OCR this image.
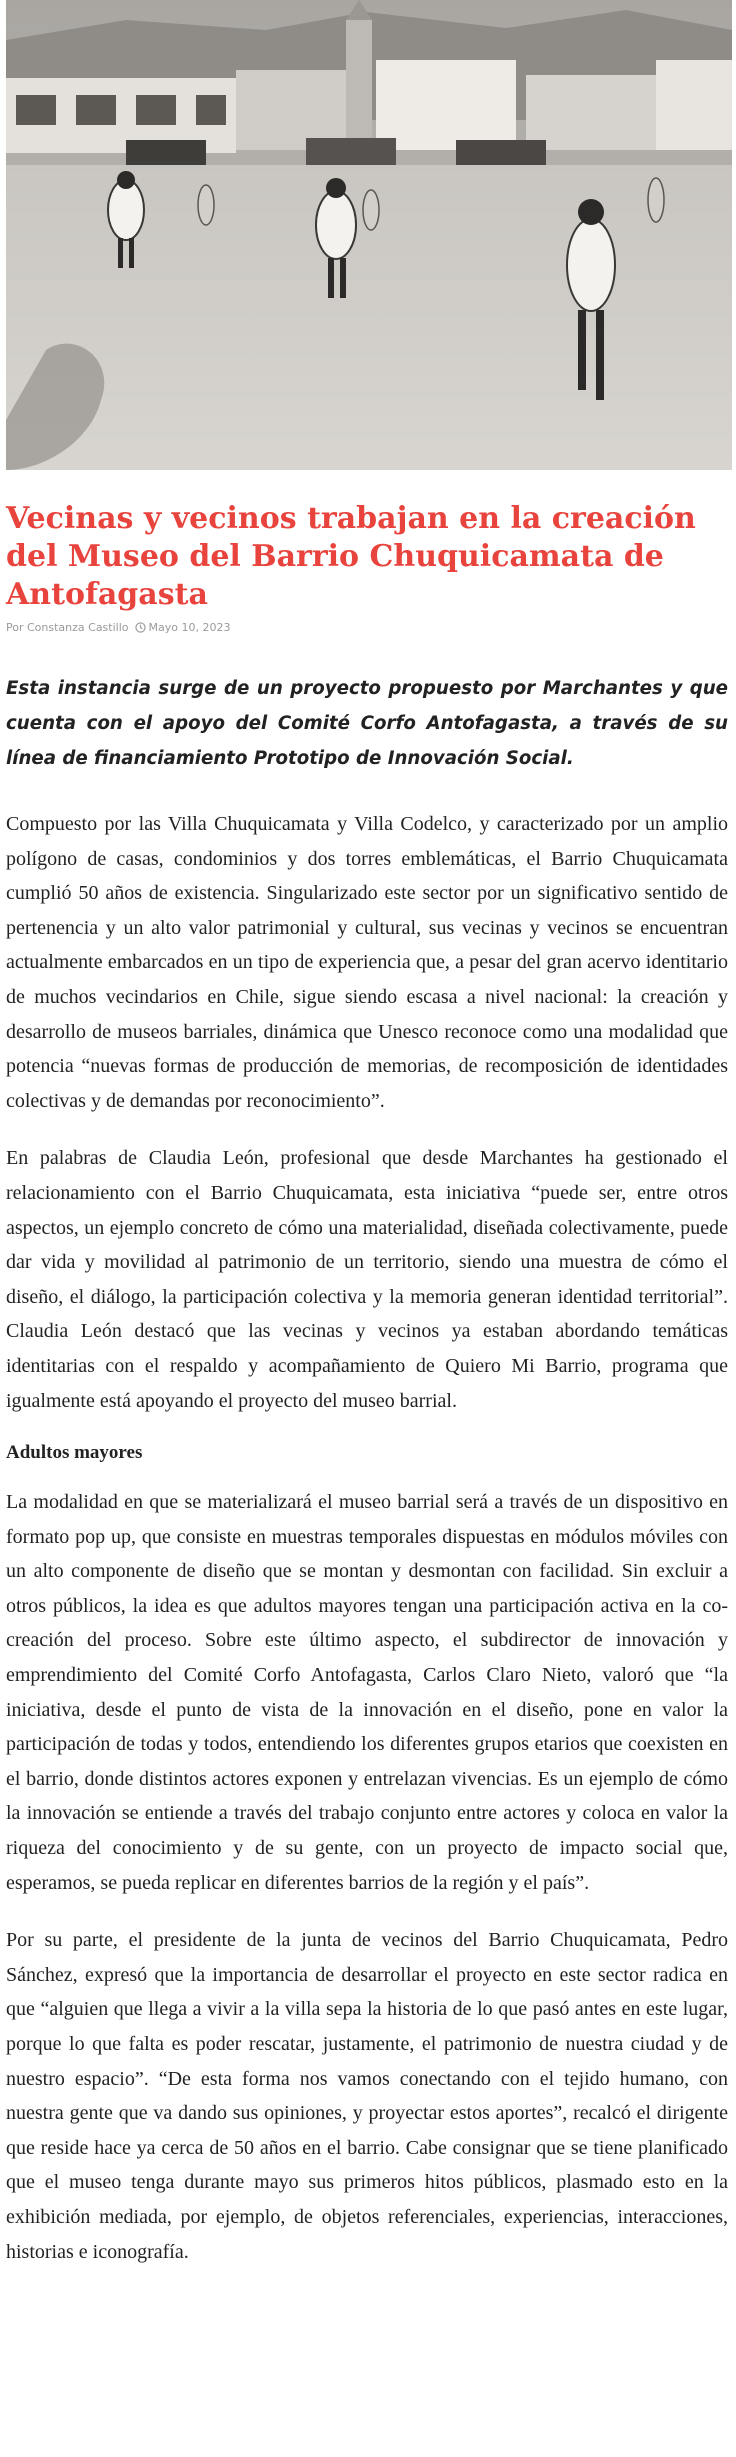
Vecinas y vecinos trabajan en la creación del Museo del Barrio Chuquicamata de Antofagasta
Por Constanza Castillo Mayo 10, 2023

Esta instancia surge de un proyecto propuesto por Marchantes y que cuenta con el apoyo del Comité Corfo Antofagasta, a través de su línea de financiamiento Prototipo de Innovación Social.

Compuesto por las Villa Chuquicamata y Villa Codelco, y caracterizado por un amplio polígono de casas, condominios y dos torres emblemáticas, el Barrio Chuquicamata cumplió 50 años de existencia. Singularizado este sector por un significativo sentido de pertenencia y un alto valor patrimonial y cultural, sus vecinas y vecinos se encuentran actualmente embarcados en un tipo de experiencia que, a pesar del gran acervo identitario de muchos vecindarios en Chile, sigue siendo escasa a nivel nacional: la creación y desarrollo de museos barriales, dinámica que Unesco reconoce como una modalidad que potencia “nuevas formas de producción de memorias, de recomposición de identidades colectivas y de demandas por reconocimiento”.

En palabras de Claudia León, profesional que desde Marchantes ha gestionado el relacionamiento con el Barrio Chuquicamata, esta iniciativa “puede ser, entre otros aspectos, un ejemplo concreto de cómo una materialidad, diseñada colectivamente, puede dar vida y movilidad al patrimonio de un territorio, siendo una muestra de cómo el diseño, el diálogo, la participación colectiva y la memoria generan identidad territorial”. Claudia León destacó que las vecinas y vecinos ya estaban abordando temáticas identitarias con el respaldo y acompañamiento de Quiero Mi Barrio, programa que igualmente está apoyando el proyecto del museo barrial.

Adultos mayores

La modalidad en que se materializará el museo barrial será a través de un dispositivo en formato pop up, que consiste en muestras temporales dispuestas en módulos móviles con un alto componente de diseño que se montan y desmontan con facilidad. Sin excluir a otros públicos, la idea es que adultos mayores tengan una participación activa en la co-creación del proceso. Sobre este último aspecto, el subdirector de innovación y emprendimiento del Comité Corfo Antofagasta, Carlos Claro Nieto, valoró que “la iniciativa, desde el punto de vista de la innovación en el diseño, pone en valor la participación de todas y todos, entendiendo los diferentes grupos etarios que coexisten en el barrio, donde distintos actores exponen y entrelazan vivencias. Es un ejemplo de cómo la innovación se entiende a través del trabajo conjunto entre actores y coloca en valor la riqueza del conocimiento y de su gente, con un proyecto de impacto social que, esperamos, se pueda replicar en diferentes barrios de la región y el país”.

Por su parte, el presidente de la junta de vecinos del Barrio Chuquicamata, Pedro Sánchez, expresó que la importancia de desarrollar el proyecto en este sector radica en que “alguien que llega a vivir a la villa sepa la historia de lo que pasó antes en este lugar, porque lo que falta es poder rescatar, justamente, el patrimonio de nuestra ciudad y de nuestro espacio”. “De esta forma nos vamos conectando con el tejido humano, con nuestra gente que va dando sus opiniones, y proyectar estos aportes”, recalcó el dirigente que reside hace ya cerca de 50 años en el barrio. Cabe consignar que se tiene planificado que el museo tenga durante mayo sus primeros hitos públicos, plasmado esto en la exhibición mediada, por ejemplo, de objetos referenciales, experiencias, interacciones, historias e iconografía.
